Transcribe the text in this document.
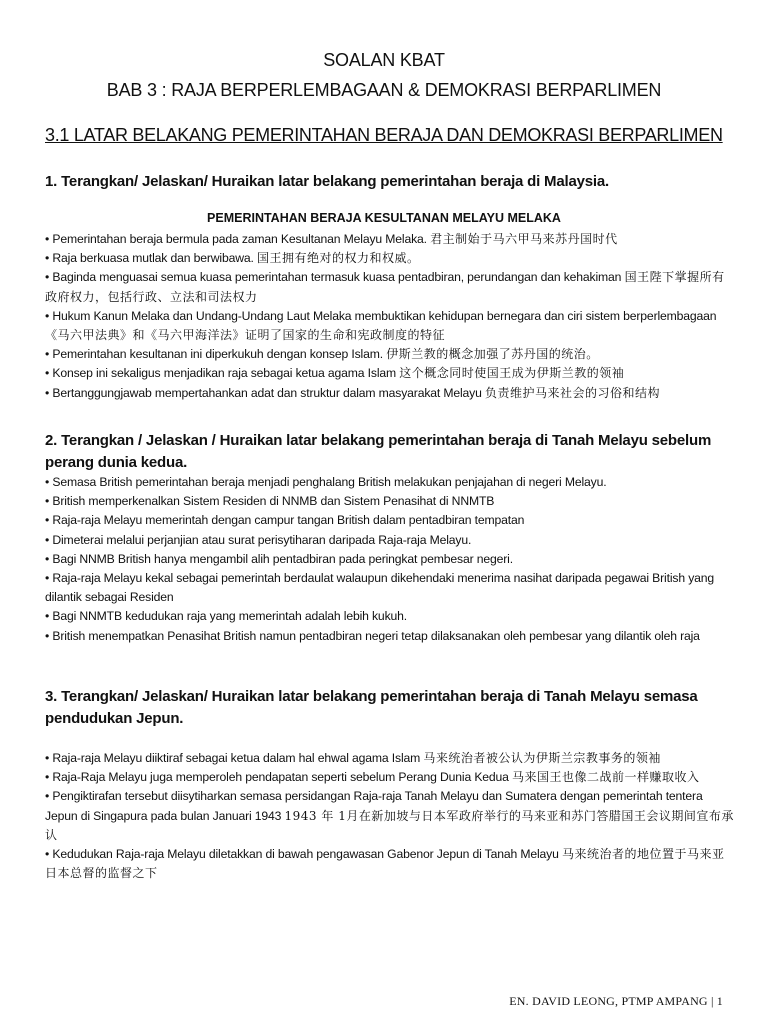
SOALAN KBAT
BAB 3 : RAJA BERPERLEMBAGAAN & DEMOKRASI BERPARLIMEN
3.1 LATAR BELAKANG PEMERINTAHAN BERAJA DAN DEMOKRASI BERPARLIMEN
1. Terangkan/ Jelaskan/ Huraikan latar belakang pemerintahan beraja di Malaysia.
PEMERINTAHAN BERAJA KESULTANAN MELAYU MELAKA
• Pemerintahan beraja bermula pada zaman Kesultanan Melayu Melaka. 君主制始于马六甲马来苏丹国时代
• Raja berkuasa mutlak dan berwibawa. 国王拥有绝对的权力和权威。
• Baginda menguasai semua kuasa pemerintahan termasuk kuasa pentadbiran, perundangan dan kehakiman 国王陛下掌握所有政府权力，包括行政、立法和司法权力
• Hukum Kanun Melaka dan Undang-Undang Laut Melaka membuktikan kehidupan bernegara dan ciri sistem berperlembagaan 《马六甲法典》和《马六甲海洋法》证明了国家的生命和宪政制度的特征
• Pemerintahan kesultanan ini diperkukuh dengan konsep Islam. 伊斯兰教的概念加强了苏丹国的统治。
• Konsep ini sekaligus menjadikan raja sebagai ketua agama Islam 这个概念同时使国王成为伊斯兰教的领袖
• Bertanggungjawab mempertahankan adat dan struktur dalam masyarakat Melayu 负责维护马来社会的习俗和结构
2. Terangkan / Jelaskan / Huraikan latar belakang pemerintahan beraja di Tanah Melayu sebelum perang dunia kedua.
• Semasa British pemerintahan beraja menjadi penghalang British melakukan penjajahan di negeri Melayu.
• British memperkenalkan Sistem Residen di NNMB dan Sistem Penasihat di NNMTB
• Raja-raja Melayu memerintah dengan campur tangan British dalam pentadbiran tempatan
• Dimeterai melalui perjanjian atau surat perisytiharan daripada Raja-raja Melayu.
• Bagi NNMB British hanya mengambil alih pentadbiran pada peringkat pembesar negeri.
• Raja-raja Melayu kekal sebagai pemerintah berdaulat walaupun dikehendaki menerima nasihat daripada pegawai British yang dilantik sebagai Residen
• Bagi NNMTB kedudukan raja yang memerintah adalah lebih kukuh.
• British menempatkan Penasihat British namun pentadbiran negeri tetap dilaksanakan oleh pembesar yang dilantik oleh raja
3. Terangkan/ Jelaskan/ Huraikan latar belakang pemerintahan beraja di Tanah Melayu semasa pendudukan Jepun.
• Raja-raja Melayu diiktiraf sebagai ketua dalam hal ehwal agama Islam 马来统治者被公认为伊斯兰宗教事务的领袖
• Raja-Raja Melayu juga memperoleh pendapatan seperti sebelum Perang Dunia Kedua 马来国王也像二战前一样赚取收入
• Pengiktirafan tersebut diisytiharkan semasa persidangan Raja-raja Tanah Melayu dan Sumatera dengan pemerintah tentera Jepun di Singapura pada bulan Januari 1943 1943 年 1月在新加坡与日本军政府举行的马来亚和苏门答腊国王会议期间宣布承认
• Kedudukan Raja-raja Melayu diletakkan di bawah pengawasan Gabenor Jepun di Tanah Melayu 马来统治者的地位置于马来亚日本总督的监督之下
EN. DAVID LEONG, PTMP AMPANG | 1
